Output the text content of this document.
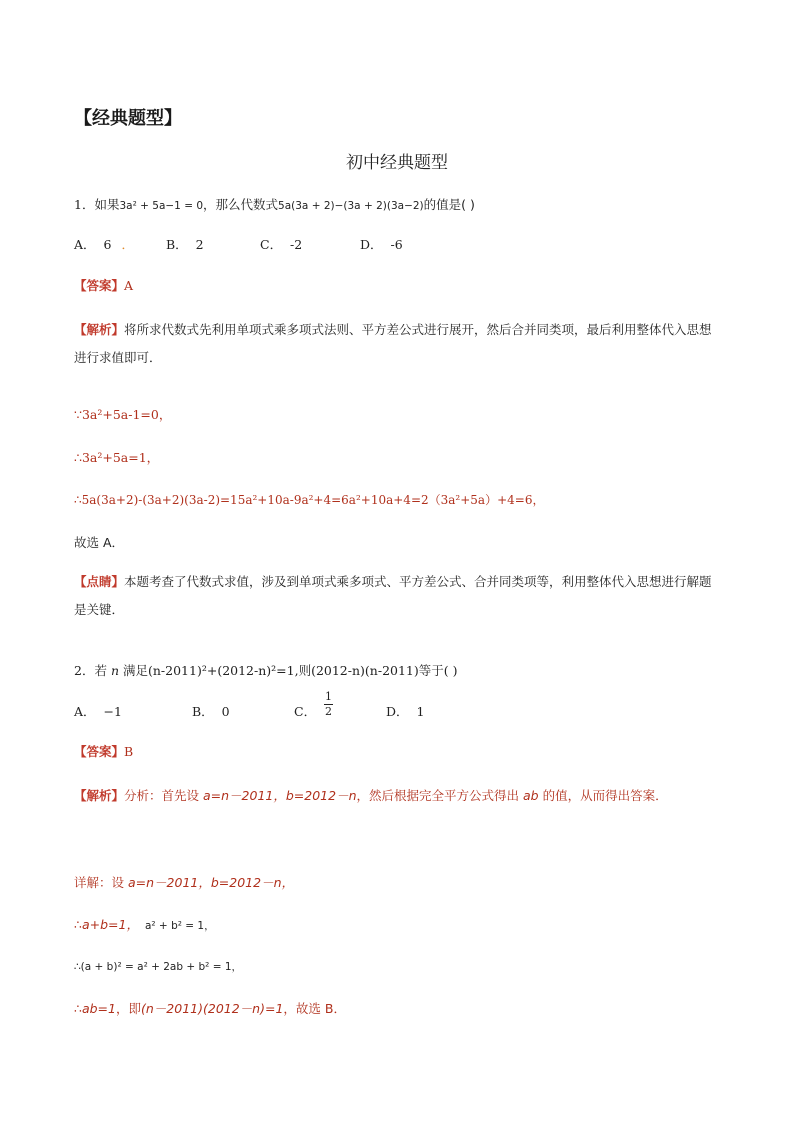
【经典题型】
初中经典题型
1．如果3a² + 5a−1 = 0，那么代数式5a(3a + 2)−(3a + 2)(3a−2)的值是( )
A． 6 ．	B． 2	C． -2	D． -6
【答案】A
【解析】将所求代数式先利用单项式乘多项式法则、平方差公式进行展开，然后合并同类项，最后利用整体代入思想进行求值即可．
∵3a²+5a-1=0，
∴3a²+5a=1，
∴5a(3a+2)-(3a+2)(3a-2)=15a²+10a-9a²+4=6a²+10a+4=2（3a²+5a）+4=6，
故选 A．
【点睛】本题考查了代数式求值，涉及到单项式乘多项式、平方差公式、合并同类项等，利用整体代入思想进行解题是关键．
2．若 n 满足(n-2011)²+(2012-n)²=1,则(2012-n)(n-2011)等于( )
A． −1	B． 0	C． $\frac{1}{2}$	D． 1
【答案】B
【解析】分析：首先设 a=n－2011，b=2012－n，然后根据完全平方公式得出 ab 的值，从而得出答案．
详解：设 a=n－2011，b=2012－n，
∴a+b=1， a² + b² = 1，
∴(a + b)² = a² + 2ab + b² = 1，
∴ab=1，即(n－2011)(2012－n)=1，故选 B．
